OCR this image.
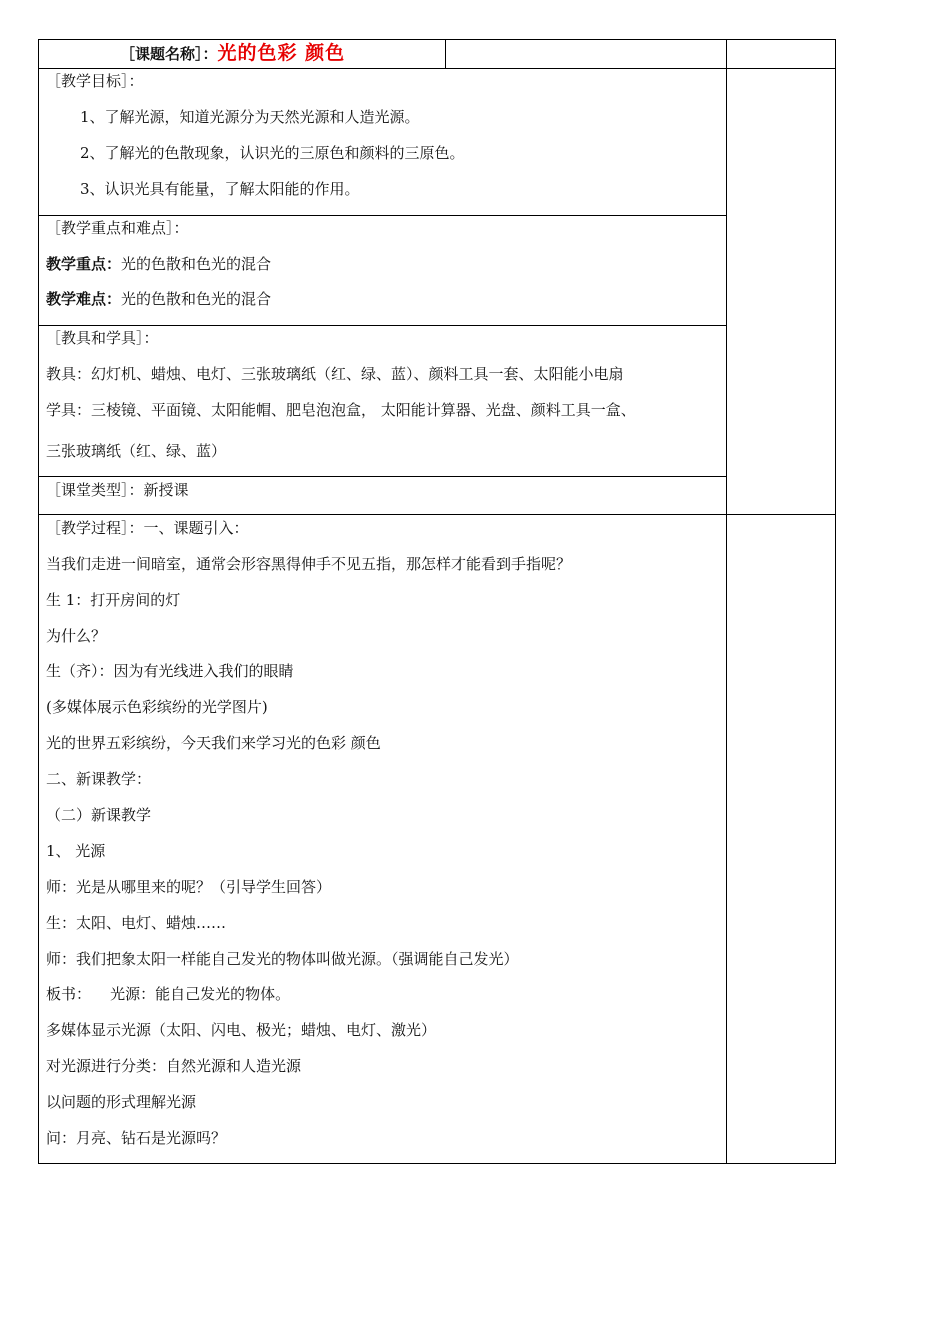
［课题名称］：光的色彩 颜色
［教学目标］：
1、了解光源，知道光源分为天然光源和人造光源。
2、了解光的色散现象，认识光的三原色和颜料的三原色。
3、认识光具有能量，了解太阳能的作用。
［教学重点和难点］：
教学重点：光的色散和色光的混合
教学难点：光的色散和色光的混合
［教具和学具］：
教具：幻灯机、蜡烛、电灯、三张玻璃纸（红、绿、蓝）、颜料工具一套、太阳能小电扇
学具：三棱镜、平面镜、太阳能帽、肥皂泡泡盒， 太阳能计算器、光盘、颜料工具一盒、
三张玻璃纸（红、绿、蓝）
［课堂类型］：新授课
［教学过程］：一、课题引入：
当我们走进一间暗室，通常会形容黑得伸手不见五指，那怎样才能看到手指呢？
生 1：打开房间的灯
为什么？
生（齐）：因为有光线进入我们的眼睛
(多媒体展示色彩缤纷的光学图片)
光的世界五彩缤纷，今天我们来学习光的色彩 颜色
二、新课教学：
（二）新课教学
1、 光源
师：光是从哪里来的呢？（引导学生回答）
生：太阳、电灯、蜡烛……
师：我们把象太阳一样能自己发光的物体叫做光源。（强调能自己发光）
板书：    光源：能自己发光的物体。
多媒体显示光源（太阳、闪电、极光；蜡烛、电灯、激光）
对光源进行分类：自然光源和人造光源
以问题的形式理解光源
问：月亮、钻石是光源吗？
